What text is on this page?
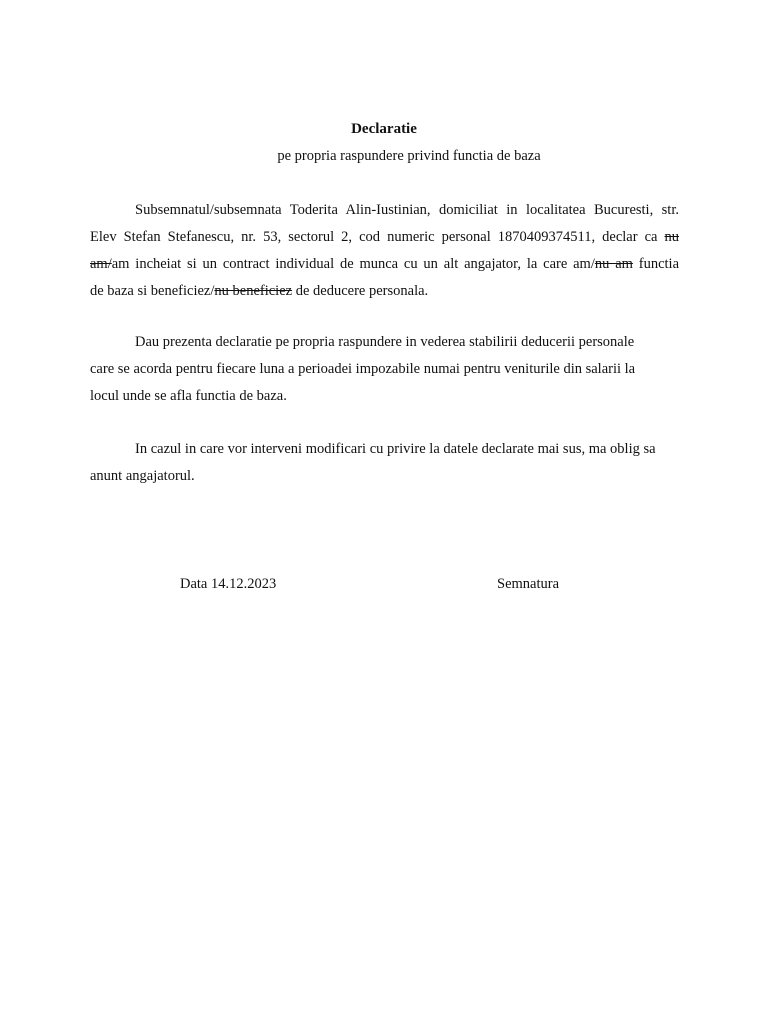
Declaratie
pe propria raspundere privind functia de baza
Subsemnatul/subsemnata Toderita Alin-Iustinian, domiciliat in localitatea Bucuresti, str.
Elev Stefan Stefanescu, nr. 53, sectorul 2, cod numeric personal 1870409374511, declar ca nu
am/am incheiat si un contract individual de munca cu un alt angajator, la care am/nu am functia
de baza si beneficiez/nu beneficiez de deducere personala.
Dau prezenta declaratie pe propria raspundere in vederea stabilirii deducerii personale
care se acorda pentru fiecare luna a perioadei impozabile numai pentru veniturile din salarii la
locul unde se afla functia de baza.
In cazul in care vor interveni modificari cu privire la datele declarate mai sus, ma oblig sa
anunt angajatorul.
Data 14.12.2023	Semnatura
